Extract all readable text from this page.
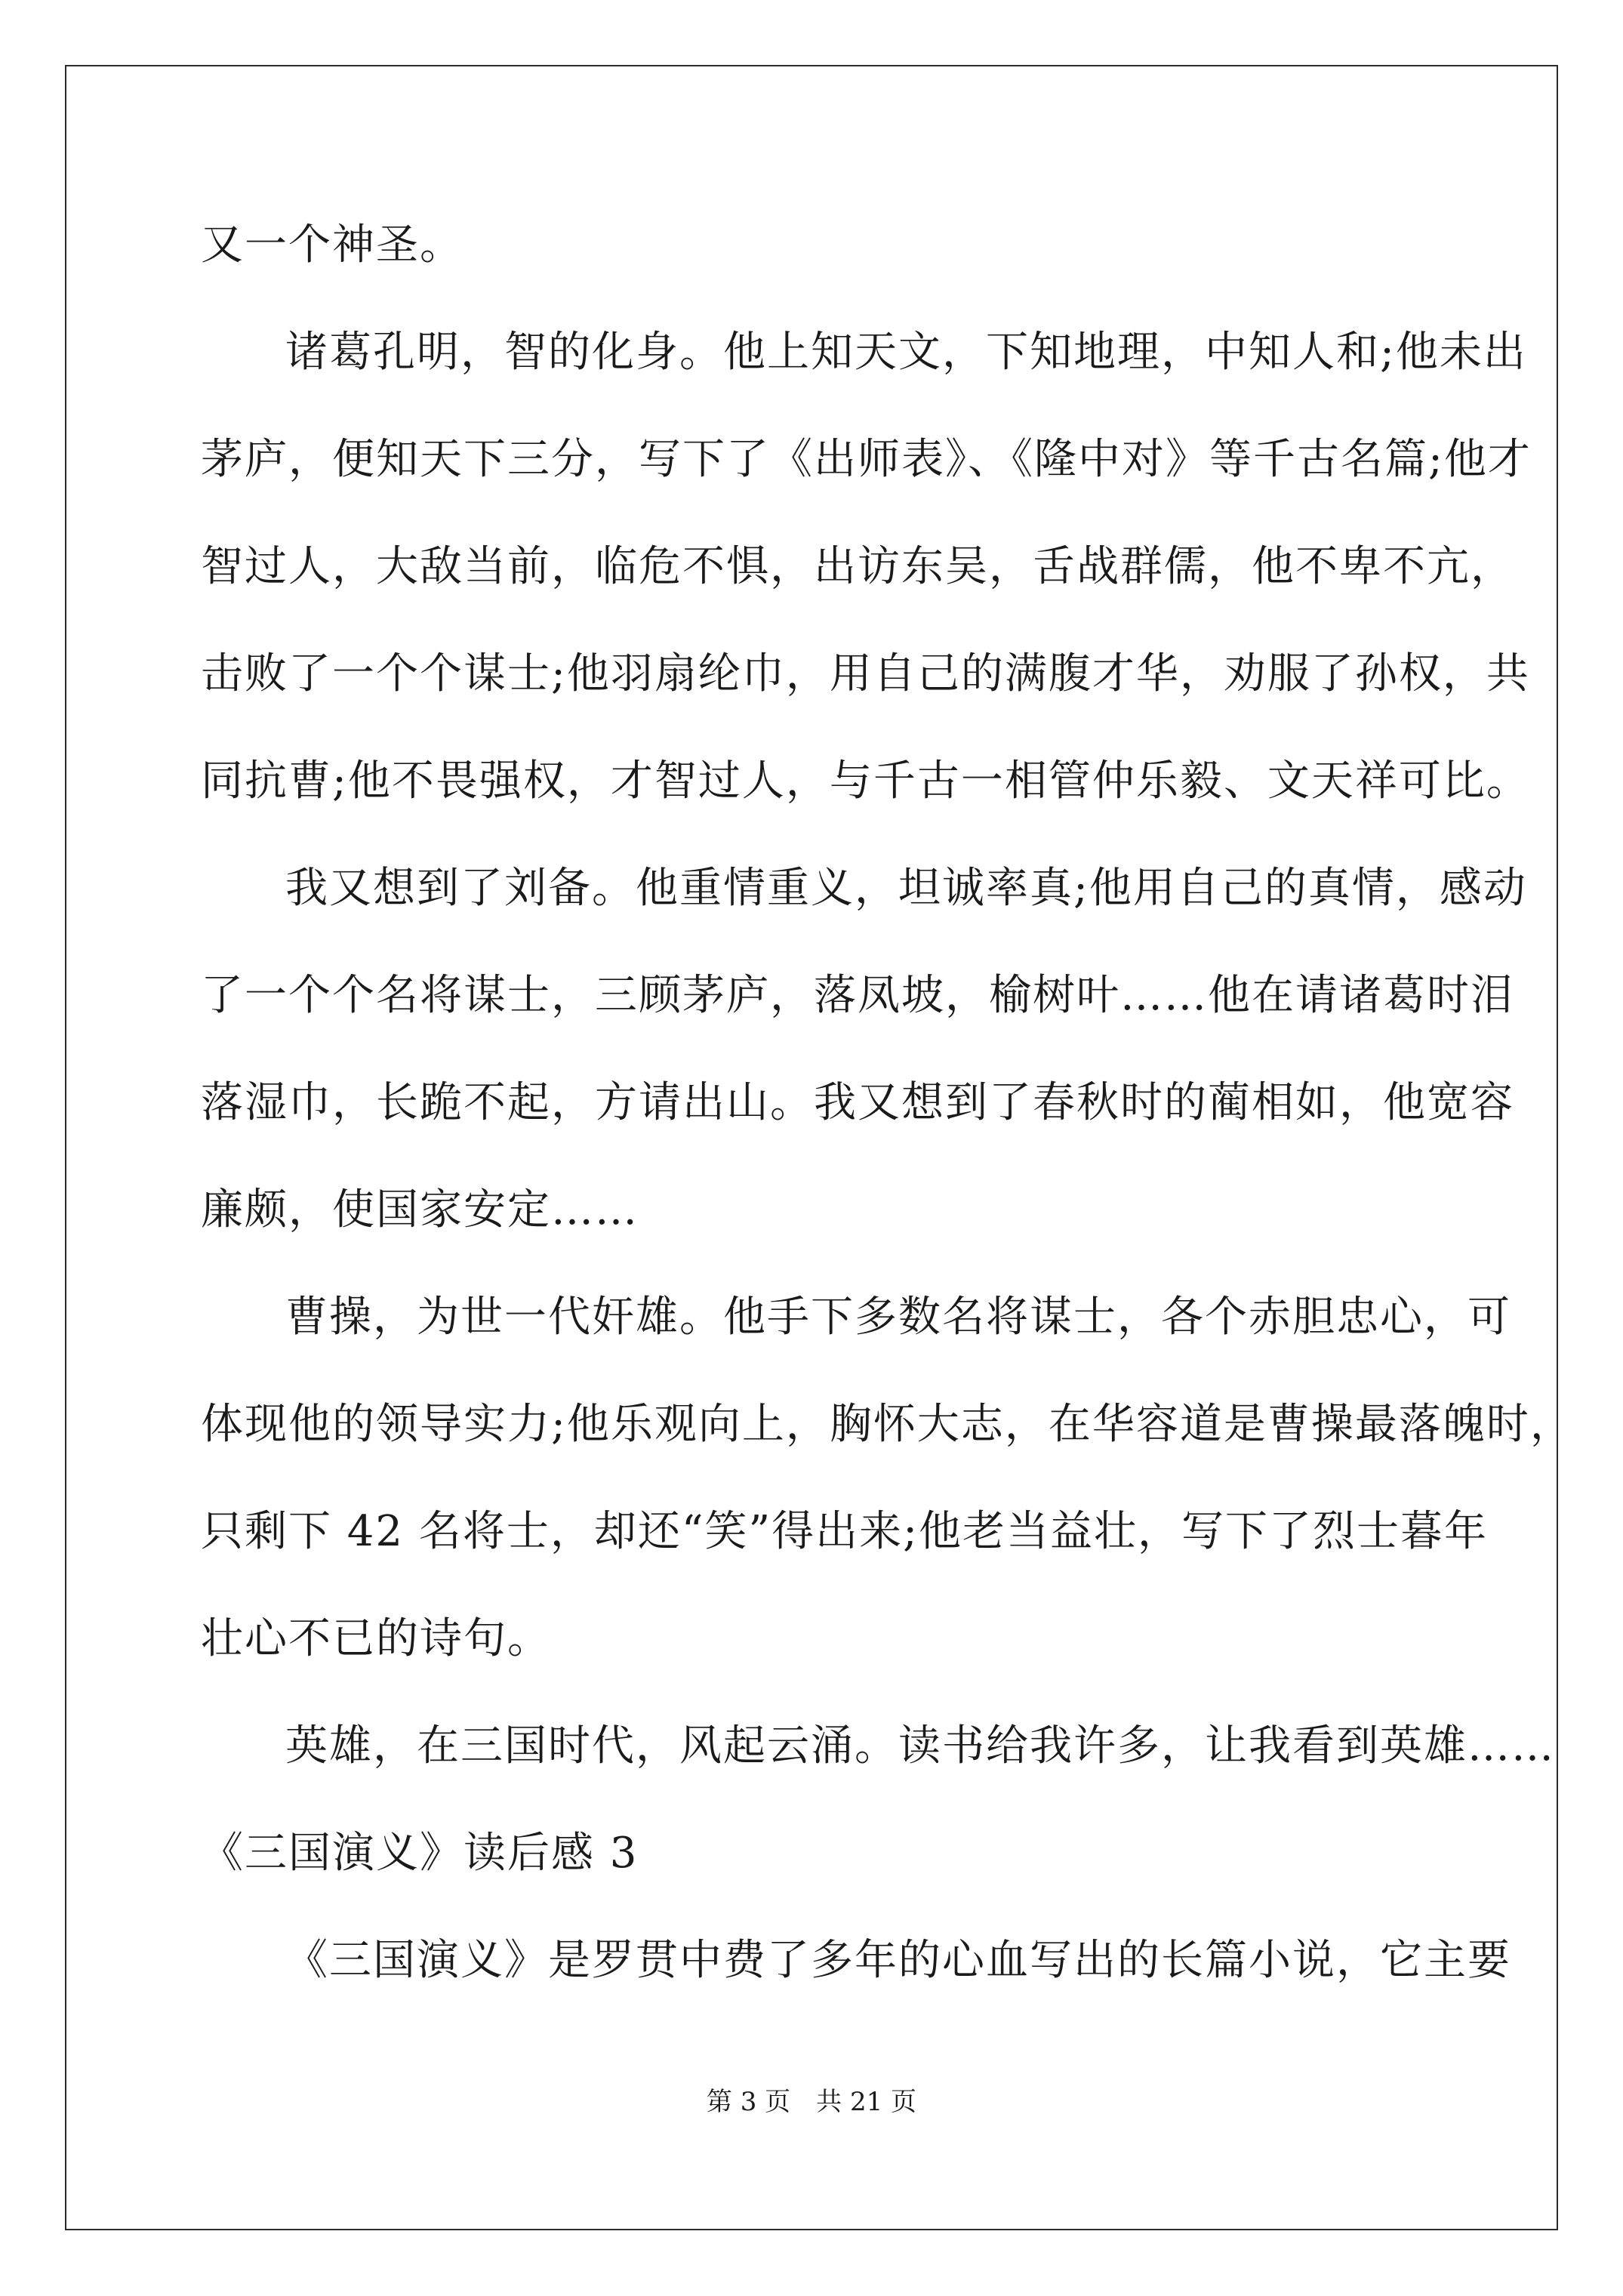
又一个神圣。
诸葛孔明，智的化身。他上知天文，下知地理，中知人和;他未出
茅庐，便知天下三分，写下了《出师表》、《隆中对》等千古名篇;他才
智过人，大敌当前，临危不惧，出访东吴，舌战群儒，他不卑不亢，
击败了一个个谋士;他羽扇纶巾，用自己的满腹才华，劝服了孙权，共
同抗曹;他不畏强权，才智过人，与千古一相管仲乐毅、文天祥可比。
我又想到了刘备。他重情重义，坦诚率真;他用自己的真情，感动
了一个个名将谋士，三顾茅庐，落凤坡，榆树叶……他在请诸葛时泪
落湿巾，长跪不起，方请出山。我又想到了春秋时的蔺相如，他宽容
廉颇，使国家安定……
曹操，为世一代奸雄。他手下多数名将谋士，各个赤胆忠心，可
体现他的领导实力;他乐观向上，胸怀大志，在华容道是曹操最落魄时，
只剩下 42 名将士，却还“笑”得出来;他老当益壮，写下了烈士暮年
壮心不已的诗句。
英雄，在三国时代，风起云涌。读书给我许多，让我看到英雄……
《三国演义》读后感 3
《三国演义》是罗贯中费了多年的心血写出的长篇小说，它主要
第 3 页 共 21 页
